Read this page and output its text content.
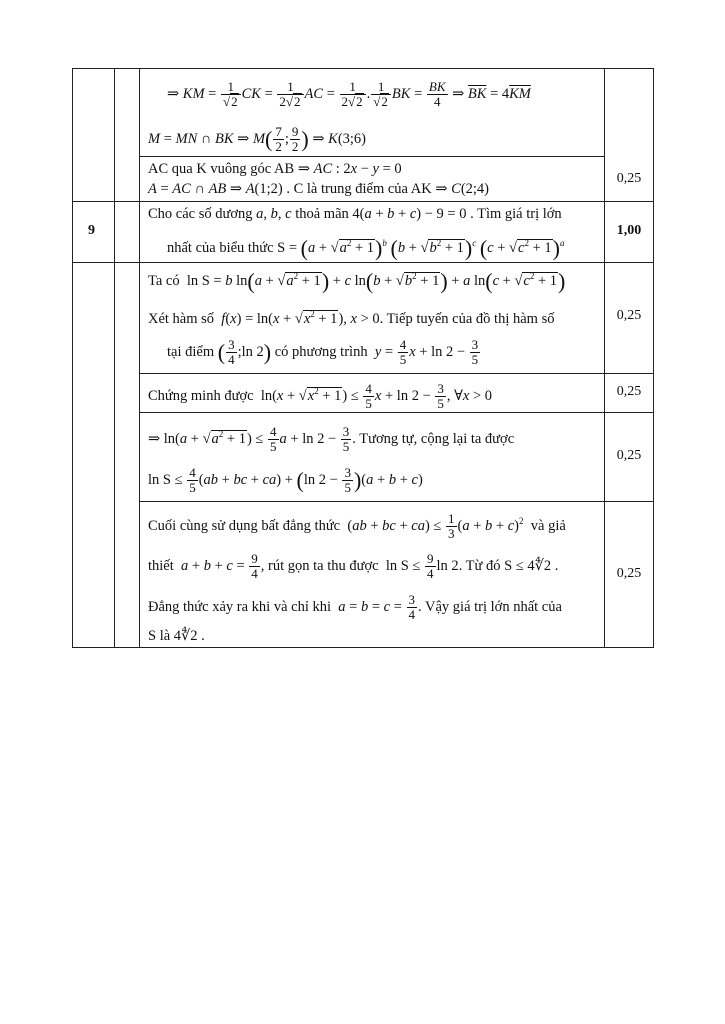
⇒ KM = $\frac{1}{√2}$ CK = $\frac{1}{2√2}$ AC = $\frac{1}{2√2}$ . $\frac{1}{√2}$ BK = $\frac{BK}{4}$ ⇒ $\overline{BK} = 4\overline{KM}$
M = MN ∩ BK ⇒ $M( \frac{7}{2}$ ; $\frac{9}{2}$ ) ⇒ K(3;6)
AC qua K vuông góc AB ⇒ AC : 2x − y = 0
A = AC ∩ AB ⇒ A(1;2) . C là trung điểm của AK ⇒ C(2;4)
0,25
9
Cho các số dương a, b, c thoả mãn 4(a + b + c) − 9 = 0 . Tìm giá trị lớn
nhất của biểu thức $S = (a + √a^2 + 1)^b$ $(b + √b^2 + 1)^c$ $(c + √c^2 + 1)^a$
1,00
Ta có  ln S = b $\ln(a + √a^2 + 1) + c$ $\ln(b + √b^2 + 1) + a$ $\ln(c + √c^2 + 1)$
Xét hàm số $f(x) = \ln(x + √x^2 + 1)$, x > 0. Tiếp tuyến của đồ thị hàm số
tại điểm ( $\frac{3}{4}$ ;ln 2) có phương trình $y = \frac{4}{5}$ $x + \ln 2 - \frac{3}{5}$
0,25
Chứng minh được  $\ln(x + √x^2 + 1) \le \frac{4}{5}$ $x + \ln 2 - \frac{3}{5}$ , ∀x > 0	0,25
⇒ $\ln(a + √a^2 + 1) \le \frac{4}{5}$ $a + \ln 2 - \frac{3}{5}$ . Tương tự, cộng lại ta được
$\ln S \le \frac{4}{5} (ab$ + bc + ca) + (ln $2 - \frac{3}{5} )(a + b + c)$
0,25
Cuối cùng sử dụng bất đẳng thức  (ab + bc + $ca) \le \frac{1}{3} (a + b + c)^2$ và giả
thiết $a + b + c = \frac{9}{4}$ , rút gọn ta thu được  $\ln S \le \frac{9}{4}$ ln 2. Từ đó S ≤ 4∜2 .
Đẳng thức xảy ra khi và chỉ khi $a = b = c = \frac{3}{4}$ . Vậy giá trị lớn nhất của
S là 4∜2 .
0,25
